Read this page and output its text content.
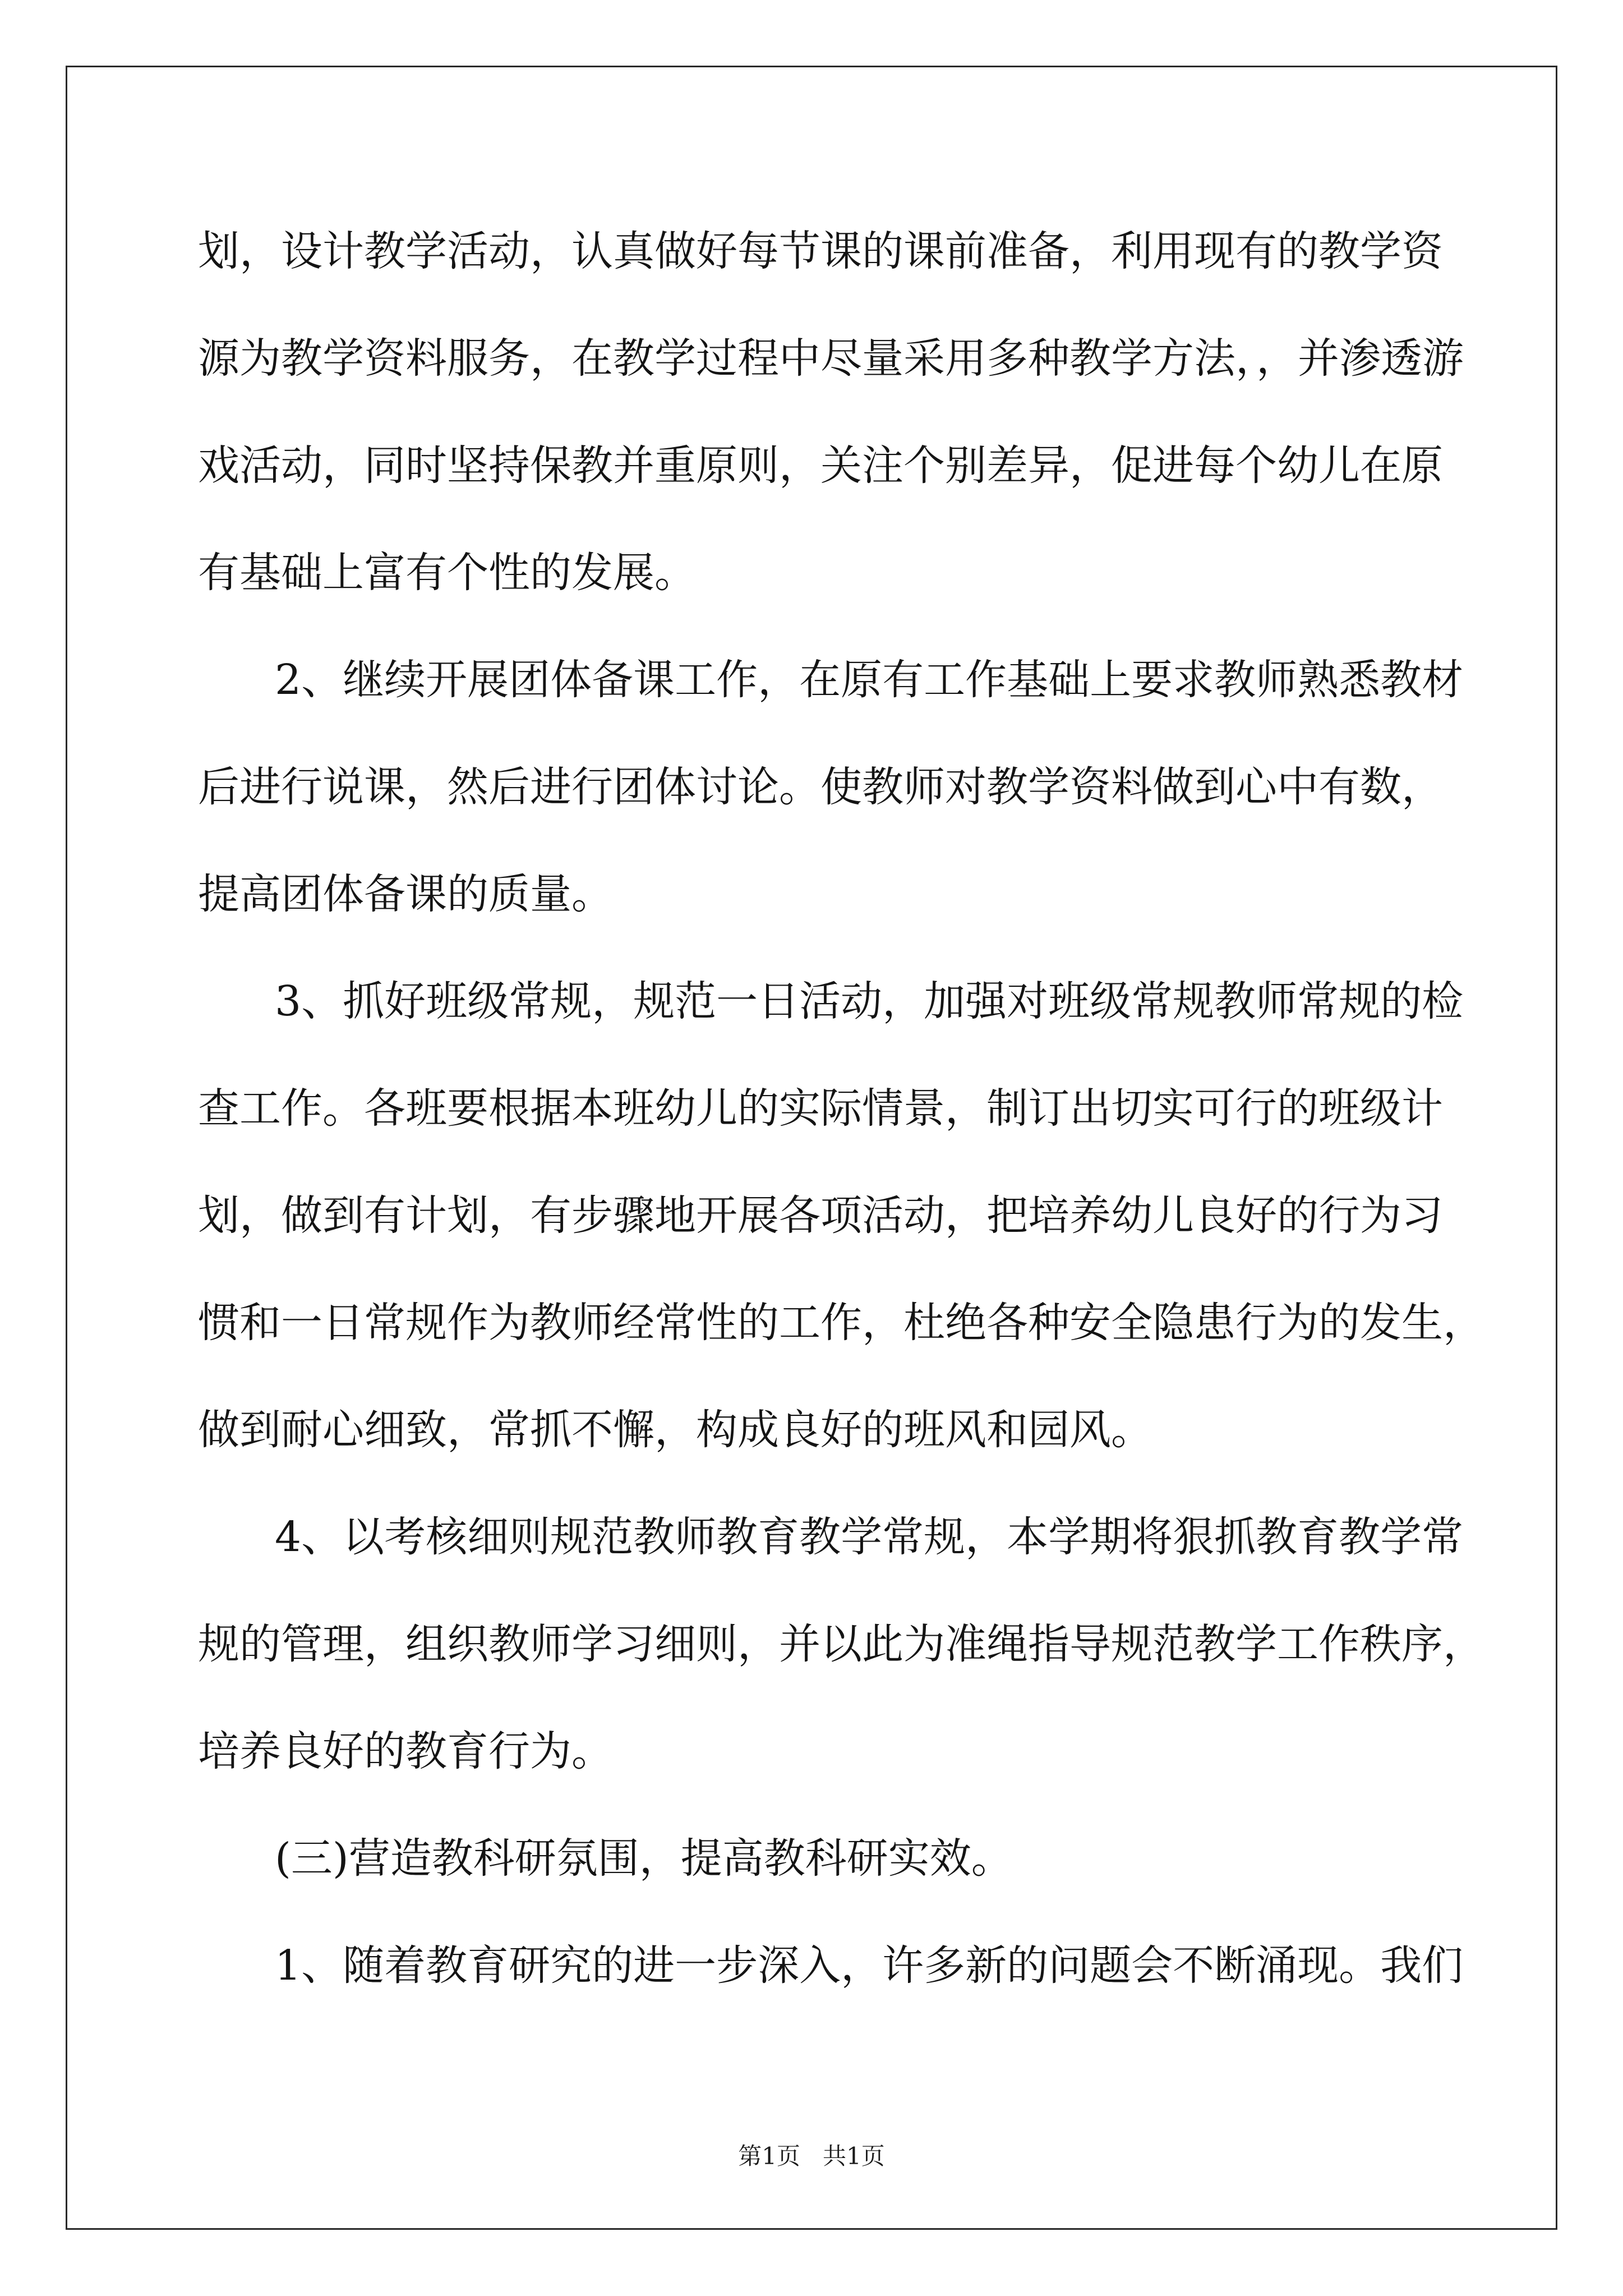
划，设计教学活动，认真做好每节课的课前准备，利用现有的教学资
源为教学资料服务，在教学过程中尽量采用多种教学方法，，并渗透游
戏活动，同时坚持保教并重原则，关注个别差异，促进每个幼儿在原
有基础上富有个性的发展。
2、继续开展团体备课工作，在原有工作基础上要求教师熟悉教材
后进行说课，然后进行团体讨论。使教师对教学资料做到心中有数，
提高团体备课的质量。
3、抓好班级常规，规范一日活动，加强对班级常规教师常规的检
查工作。各班要根据本班幼儿的实际情景，制订出切实可行的班级计
划，做到有计划，有步骤地开展各项活动，把培养幼儿良好的行为习
惯和一日常规作为教师经常性的工作，杜绝各种安全隐患行为的发生，
做到耐心细致，常抓不懈，构成良好的班风和园风。
4、以考核细则规范教师教育教学常规，本学期将狠抓教育教学常
规的管理，组织教师学习细则，并以此为准绳指导规范教学工作秩序，
培养良好的教育行为。
(三)营造教科研氛围，提高教科研实效。
1、随着教育研究的进一步深入，许多新的问题会不断涌现。我们
第1页   共1页
